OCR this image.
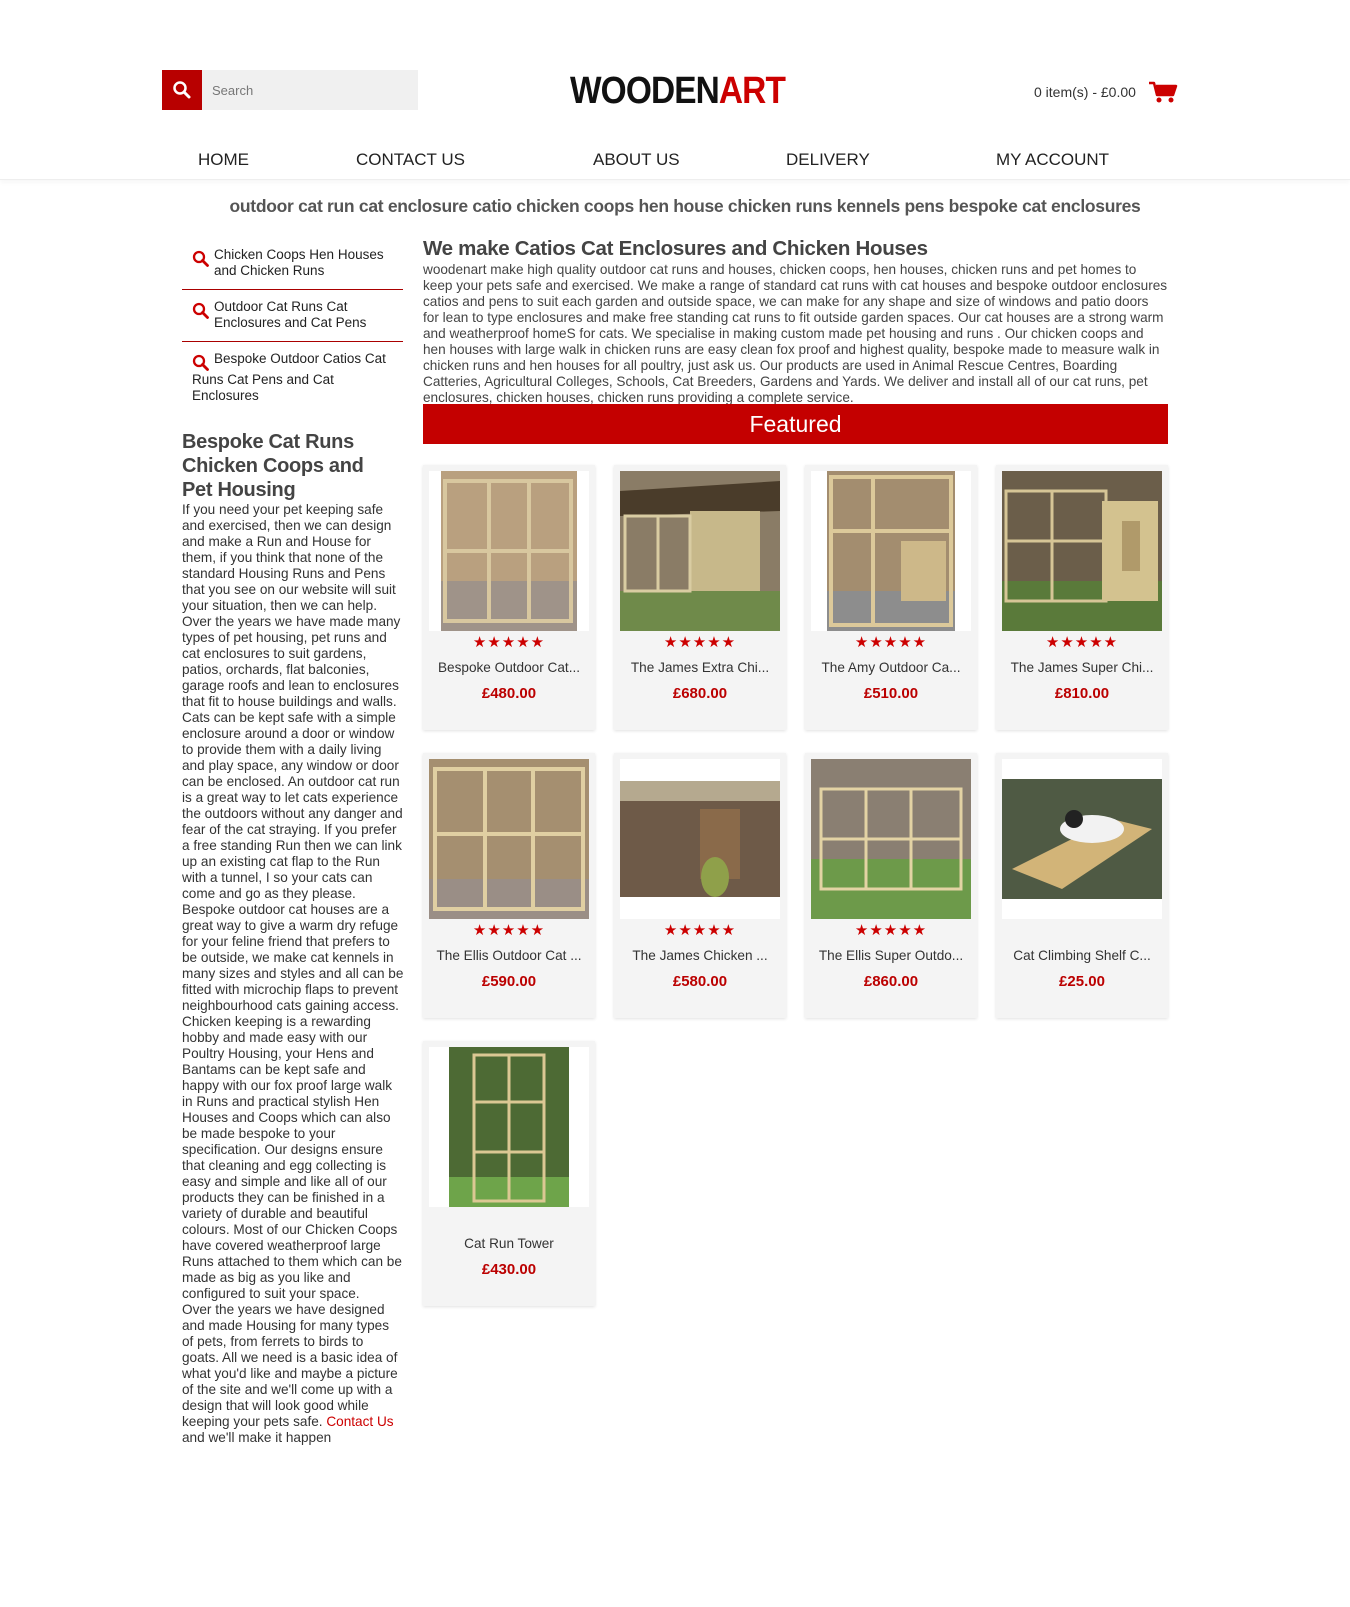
Search
WOODENART	0 item(s) - £0.00
HOME	CONTACT US	ABOUT US	DELIVERY	MY ACCOUNT
outdoor cat run cat enclosure catio chicken coops hen house chicken runs kennels pens bespoke cat enclosures
Chicken Coops Hen Houses and Chicken Runs
Outdoor Cat Runs Cat Enclosures and Cat Pens
Bespoke Outdoor Catios Cat Runs Cat Pens and Cat Enclosures
Bespoke Cat Runs Chicken Coops and Pet Housing

If you need your pet keeping safe and exercised, then we can design and make a Run and House for them, if you think that none of the standard Housing Runs and Pens that you see on our website will suit your situation, then we can help. Over the years we have made many types of pet housing, pet runs and cat enclosures to suit gardens, patios, orchards, flat balconies, garage roofs and lean to enclosures that fit to house buildings and walls.

Cats can be kept safe with a simple enclosure around a door or window to provide them with a daily living and play space, any window or door can be enclosed. An outdoor cat run is a great way to let cats experience the outdoors without any danger and fear of the cat straying. If you prefer a free standing Run then we can link up an existing cat flap to the Run with a tunnel, I so your cats can come and go as they please. Bespoke outdoor cat houses are a great way to give a warm dry refuge for your feline friend that prefers to be outside, we make cat kennels in many sizes and styles and all can be fitted with microchip flaps to prevent neighbourhood cats gaining access.

Chicken keeping is a rewarding hobby and made easy with our Poultry Housing, your Hens and Bantams can be kept safe and happy with our fox proof large walk in Runs and practical stylish Hen Houses and Coops which can also be made bespoke to your specification. Our designs ensure that cleaning and egg collecting is easy and simple and like all of our products they can be finished in a variety of durable and beautiful colours. Most of our Chicken Coops have covered weatherproof large Runs attached to them which can be made as big as you like and configured to suit your space.

Over the years we have designed and made Housing for many types of pets, from ferrets to birds to goats. All we need is a basic idea of what you'd like and maybe a picture of the site and we'll come up with a design that will look good while keeping your pets safe. Contact Us and we'll make it happen

We make Catios Cat Enclosures and Chicken Houses
woodenart make high quality outdoor cat runs and houses, chicken coops, hen houses, chicken runs and pet homes to keep your pets safe and exercised. We make a range of standard cat runs with cat houses and bespoke outdoor enclosures catios and pens to suit each garden and outside space, we can make for any shape and size of windows and patio doors for lean to type enclosures and make free standing cat runs to fit outside garden spaces. Our cat houses are a strong warm and weatherproof homeS for cats. We specialise in making custom made pet housing and runs . Our chicken coops and hen houses with large walk in chicken runs are easy clean fox proof and highest quality, bespoke made to measure walk in chicken runs and hen houses for all poultry, just ask us. Our products are used in Animal Rescue Centres, Boarding Catteries, Agricultural Colleges, Schools, Cat Breeders, Gardens and Yards. We deliver and install all of our cat runs, pet enclosures, chicken houses, chicken runs providing a complete service.
Featured
★★★★★
Bespoke Outdoor Cat...
£480.00
★★★★★
The James Extra Chi...
£680.00
★★★★★
The Amy Outdoor Ca...
£510.00
★★★★★
The James Super Chi...
£810.00
★★★★★
The Ellis Outdoor Cat ...
£590.00
★★★★★
The James Chicken ...
£580.00
★★★★★
The Ellis Super Outdo...
£860.00
Cat Climbing Shelf C...
£25.00
Cat Run Tower
£430.00
